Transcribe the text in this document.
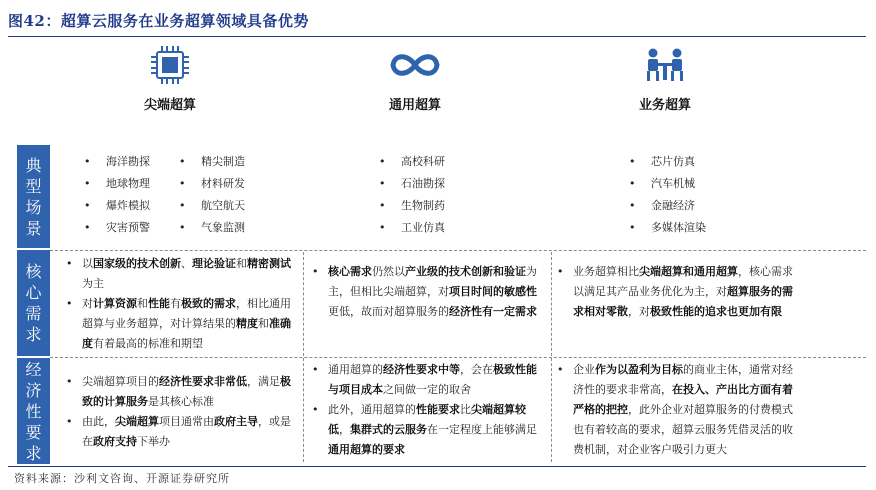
图42：超算云服务在业务超算领域具备优势
尖端超算	通用超算	业务超算
典型场景
核心需求
经济性要求
• 海洋勘探
• 地球物理
• 爆炸模拟
• 灾害预警
• 精尖制造
• 材料研发
• 航空航天
• 气象监测
• 高校科研
• 石油勘探
• 生物制药
• 工业仿真
• 芯片仿真
• 汽车机械
• 金融经济
• 多媒体渲染
• 以国家级的技术创新、理论验证和精密测试为主
• 对计算资源和性能有极致的需求，相比通用超算与业务超算，对计算结果的精度和准确度有着最高的标准和期望
• 核心需求仍然以产业级的技术创新和验证为主，但相比尖端超算，对项目时间的敏感性更低，故而对超算服务的经济性有一定需求
• 业务超算相比尖端超算和通用超算，核心需求以满足其产品业务优化为主，对超算服务的需求相对零散，对极致性能的追求也更加有限
• 尖端超算项目的经济性要求非常低，满足极致的计算服务是其核心标准
• 由此，尖端超算项目通常由政府主导，或是在政府支持下举办
• 通用超算的经济性要求中等，会在极致性能与项目成本之间做一定的取舍
• 此外，通用超算的性能要求比尖端超算较低，集群式的云服务在一定程度上能够满足通用超算的要求
• 企业作为以盈利为目标的商业主体，通常对经济性的要求非常高，在投入、产出比方面有着严格的把控，此外企业对超算服务的付费模式也有着较高的要求，超算云服务凭借灵活的收费机制，对企业客户吸引力更大
资料来源：沙利文咨询、开源证券研究所
